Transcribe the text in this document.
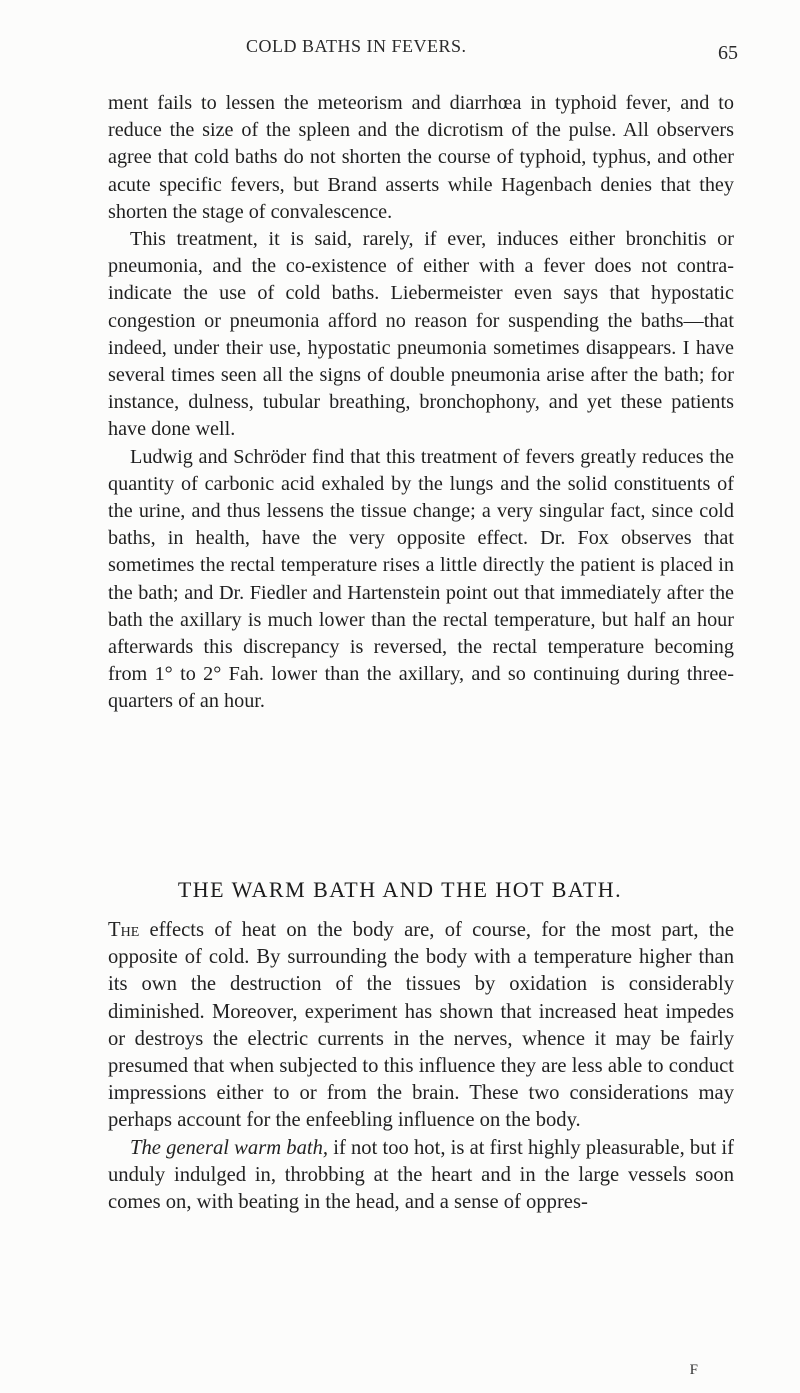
COLD BATHS IN FEVERS.	65

ment fails to lessen the meteorism and diarrhœa in typhoid fever, and to reduce the size of the spleen and the dicrotism of the pulse. All observers agree that cold baths do not shorten the course of typhoid, typhus, and other acute specific fevers, but Brand asserts while Hagenbach denies that they shorten the stage of convalescence.

This treatment, it is said, rarely, if ever, induces either bronchitis or pneumonia, and the co-existence of either with a fever does not contra-indicate the use of cold baths. Liebermeister even says that hypostatic congestion or pneumonia afford no reason for suspending the baths—that indeed, under their use, hypostatic pneumonia sometimes disappears. I have several times seen all the signs of double pneumonia arise after the bath; for instance, dulness, tubular breathing, bronchophony, and yet these patients have done well.

Ludwig and Schröder find that this treatment of fevers greatly reduces the quantity of carbonic acid exhaled by the lungs and the solid constituents of the urine, and thus lessens the tissue change; a very singular fact, since cold baths, in health, have the very opposite effect. Dr. Fox observes that sometimes the rectal temperature rises a little directly the patient is placed in the bath; and Dr. Fiedler and Hartenstein point out that immediately after the bath the axillary is much lower than the rectal temperature, but half an hour afterwards this discrepancy is reversed, the rectal temperature becoming from 1° to 2° Fah. lower than the axillary, and so continuing during three-quarters of an hour.

THE WARM BATH AND THE HOT BATH.

The effects of heat on the body are, of course, for the most part, the opposite of cold. By surrounding the body with a temperature higher than its own the destruction of the tissues by oxidation is considerably diminished. Moreover, experiment has shown that increased heat impedes or destroys the electric currents in the nerves, whence it may be fairly presumed that when subjected to this influence they are less able to conduct impressions either to or from the brain. These two considerations may perhaps account for the enfeebling influence on the body.

The general warm bath, if not too hot, is at first highly pleasurable, but if unduly indulged in, throbbing at the heart and in the large vessels soon comes on, with beating in the head, and a sense of oppres-

F
